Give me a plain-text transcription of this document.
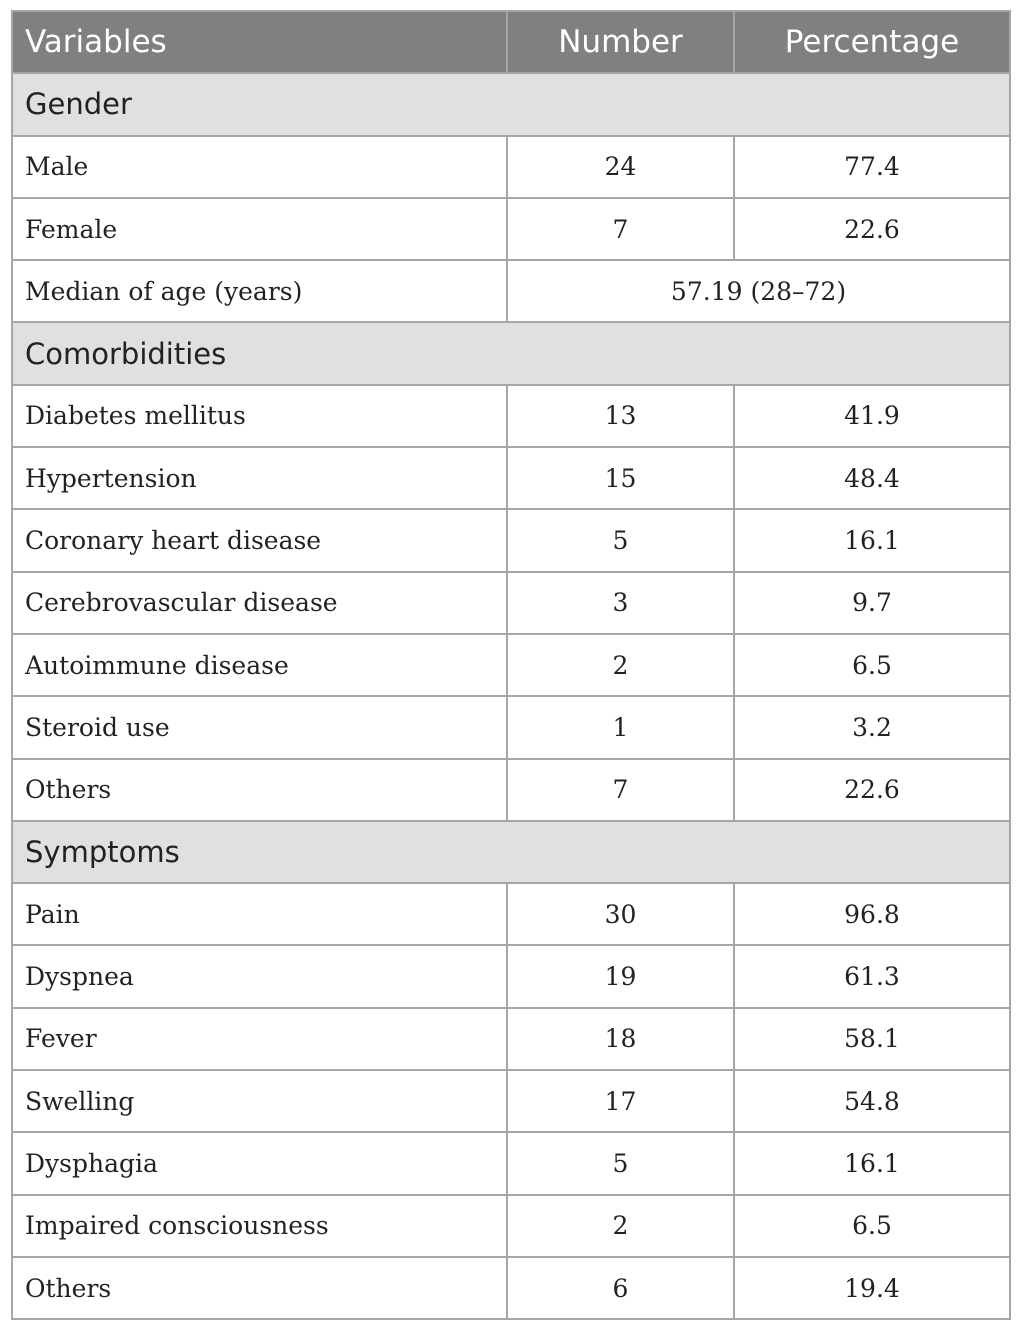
Variables	Number	Percentage
Gender		
Male	24	77.4
Female	7	22.6
Median of age (years)	57.19 (28–72)	
Comorbidities		
Diabetes mellitus	13	41.9
Hypertension	15	48.4
Coronary heart disease	5	16.1
Cerebrovascular disease	3	9.7
Autoimmune disease	2	6.5
Steroid use	1	3.2
Others	7	22.6
Symptoms		
Pain	30	96.8
Dyspnea	19	61.3
Fever	18	58.1
Swelling	17	54.8
Dysphagia	5	16.1
Impaired consciousness	2	6.5
Others	6	19.4
